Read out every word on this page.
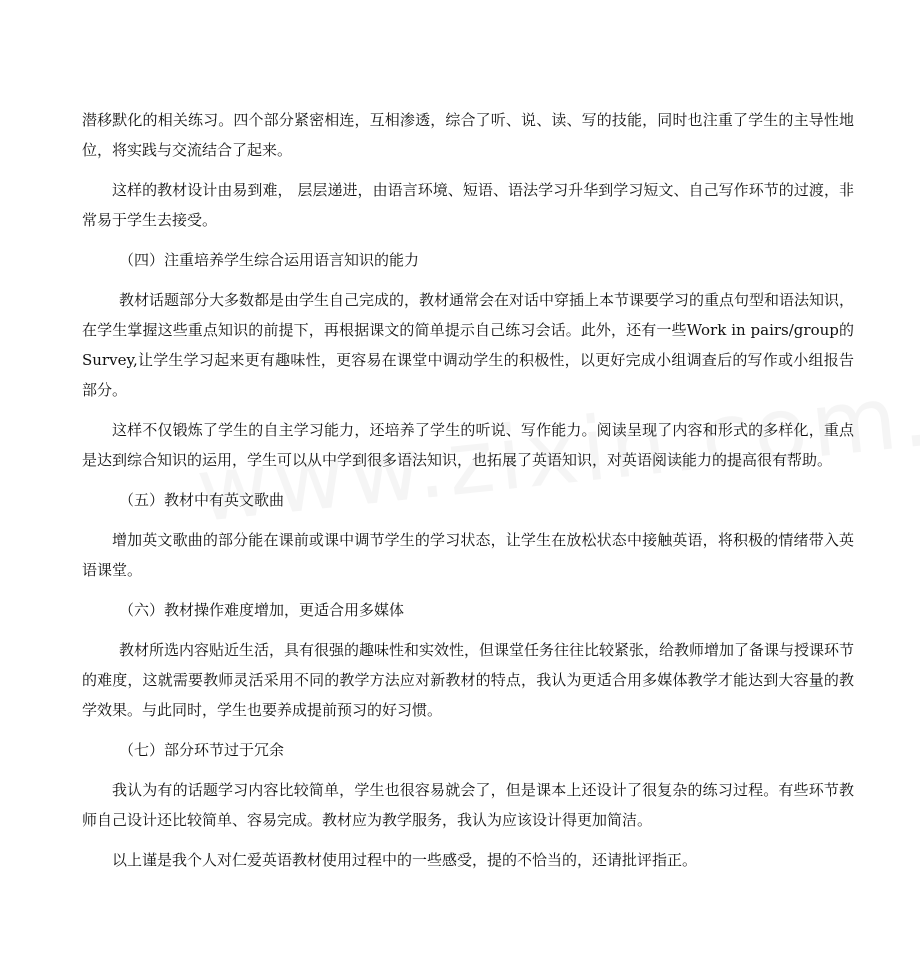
潜移默化的相关练习。四个部分紧密相连，互相渗透，综合了听、说、读、写的技能，同时也注重了学生的主导性地位，将实践与交流结合了起来。

这样的教材设计由易到难， 层层递进，由语言环境、短语、语法学习升华到学习短文、自己写作环节的过渡，非常易于学生去接受。

（四）注重培养学生综合运用语言知识的能力

教材话题部分大多数都是由学生自己完成的，教材通常会在对话中穿插上本节课要学习的重点句型和语法知识，在学生掌握这些重点知识的前提下，再根据课文的简单提示自己练习会话。此外，还有一些Work in pairs/group的Survey,让学生学习起来更有趣味性，更容易在课堂中调动学生的积极性，以更好完成小组调查后的写作或小组报告部分。

这样不仅锻炼了学生的自主学习能力，还培养了学生的听说、写作能力。阅读呈现了内容和形式的多样化，重点是达到综合知识的运用，学生可以从中学到很多语法知识，也拓展了英语知识，对英语阅读能力的提高很有帮助。

（五）教材中有英文歌曲

增加英文歌曲的部分能在课前或课中调节学生的学习状态，让学生在放松状态中接触英语，将积极的情绪带入英语课堂。

（六）教材操作难度增加，更适合用多媒体

教材所选内容贴近生活，具有很强的趣味性和实效性，但课堂任务往往比较紧张，给教师增加了备课与授课环节的难度，这就需要教师灵活采用不同的教学方法应对新教材的特点，我认为更适合用多媒体教学才能达到大容量的教学效果。与此同时，学生也要养成提前预习的好习惯。

（七）部分环节过于冗余

我认为有的话题学习内容比较简单，学生也很容易就会了，但是课本上还设计了很复杂的练习过程。有些环节教师自己设计还比较简单、容易完成。教材应为教学服务，我认为应该设计得更加简洁。

以上谨是我个人对仁爱英语教材使用过程中的一些感受，提的不恰当的，还请批评指正。
